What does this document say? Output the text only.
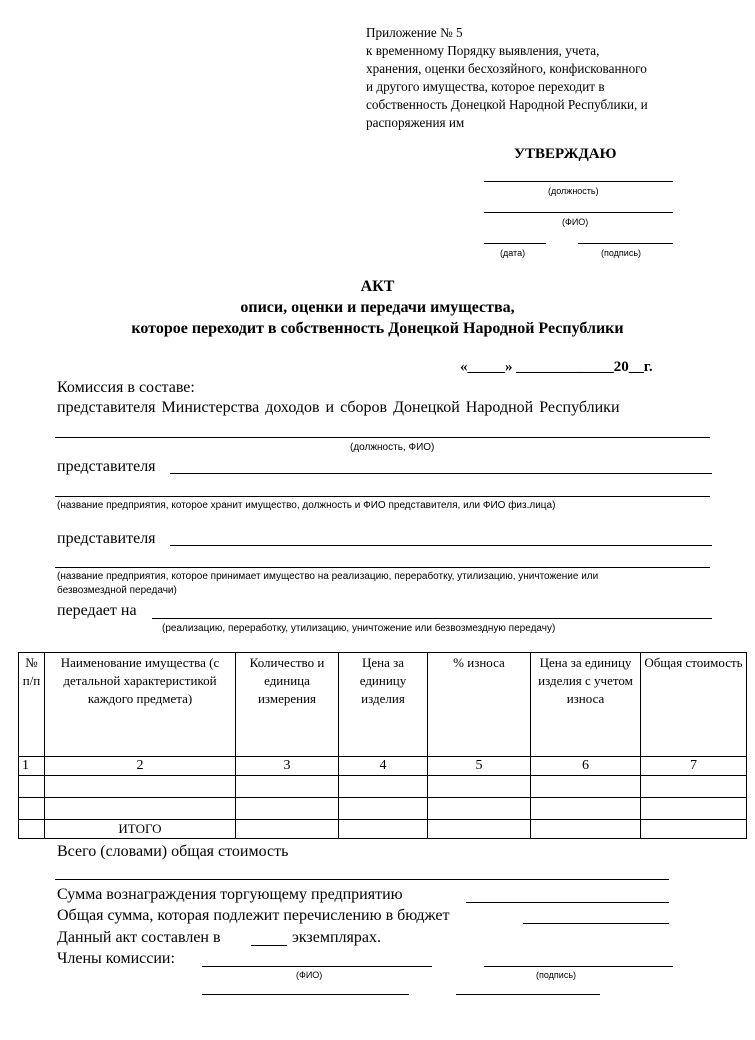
Приложение № 5
к временному Порядку выявления, учета,
хранения, оценки бесхозяйного, конфискованного
и другого имущества, которое переходит в
собственность Донецкой Народной Республики, и
распоряжения им
УТВЕРЖДАЮ
(должность)
(ФИО)
(дата)	(подпись)
АКТ
описи, оценки и передачи имущества,
которое переходит в собственность Донецкой Народной Республики
«_____» _____________20__г.
Комиссия в составе:
представителя Министерства доходов и сборов Донецкой Народной Республики
(должность, ФИО)
представителя
(название предприятия, которое хранит имущество, должность и ФИО представителя, или ФИО физ.лица)
представителя
(название предприятия, которое принимает имущество на реализацию, переработку, утилизацию, уничтожение или
безвозмездной передачи)
передает на
(реализацию, переработку, утилизацию, уничтожение или безвозмездную передачу)
№ п/п	Наименование имущества (с детальной характеристикой каждого предмета)	Количество и единица измерения	Цена за единицу изделия	% износа	Цена за единицу изделия с учетом износа	Общая стоимость
1	2	3	4	5	6	7

	ИТОГО					
Всего (словами) общая стоимость
Сумма вознаграждения торгующему предприятию
Общая сумма, которая подлежит перечислению в бюджет
Данный акт составлен в	экземплярах.
Члены комиссии:
(ФИО)	(подпись)
